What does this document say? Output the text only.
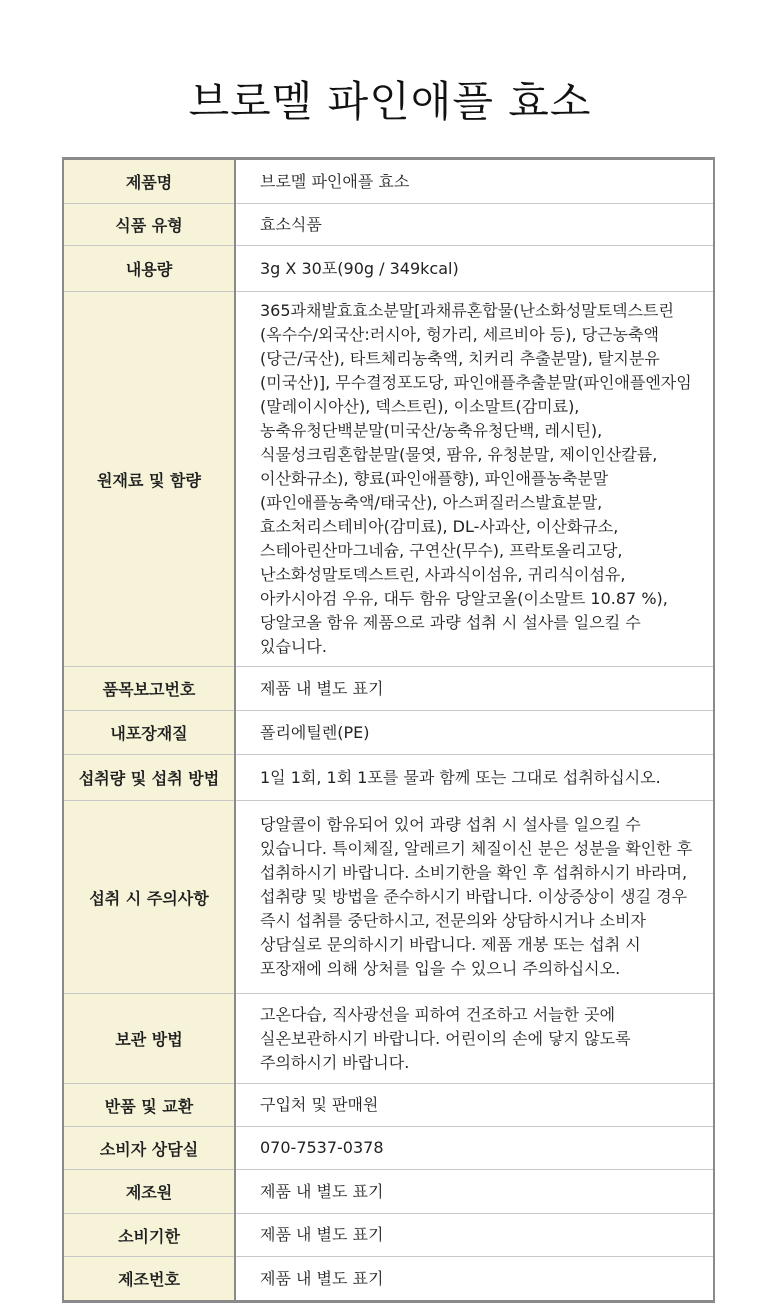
브로멜 파인애플 효소
제품명	브로멜 파인애플 효소
식품 유형	효소식품
내용량	3g X 30포(90g / 349kcal)
원재료 및 함량	365과채발효효소분말[과채류혼합물(난소화성말토덱스트린(옥수수/외국산:러시아, 헝가리, 세르비아 등), 당근농축액 (당근/국산), 타트체리농축액, 치커리 추출분말), 탈지분유(미국산)], 무수결정포도당, 파인애플추출분말(파인애플엔자임(말레이시아산), 덱스트린), 이소말트(감미료), 농축유청단백분말(미국산/농축유청단백, 레시틴), 식물성크림혼합분말(물엿, 팜유, 유청분말, 제이인산칼륨, 이산화규소), 향료(파인애플향), 파인애플농축분말(파인애플농축액/태국산), 아스퍼질러스발효분말, 효소처리스테비아(감미료), DL-사과산, 이산화규소, 스테아린산마그네슘, 구연산(무수), 프락토올리고당, 난소화성말토덱스트린, 사과식이섬유, 귀리식이섬유, 아카시아검 우유, 대두 함유 당알코올(이소말트 10.87 %), 당알코올 함유 제품으로 과량 섭취 시 설사를 일으킬 수 있습니다.
품목보고번호	제품 내 별도 표기
내포장재질	폴리에틸렌(PE)
섭취량 및 섭취 방법	1일 1회, 1회 1포를 물과 함께 또는 그대로 섭취하십시오.
섭취 시 주의사항	당알콜이 함유되어 있어 과량 섭취 시 설사를 일으킬 수 있습니다. 특이체질, 알레르기 체질이신 분은 성분을 확인한 후 섭취하시기 바랍니다. 소비기한을 확인 후 섭취하시기 바라며, 섭취량 및 방법을 준수하시기 바랍니다. 이상증상이 생길 경우 즉시 섭취를 중단하시고, 전문의와 상담하시거나 소비자 상담실로 문의하시기 바랍니다. 제품 개봉 또는 섭취 시 포장재에 의해 상처를 입을 수 있으니 주의하십시오.
보관 방법	고온다습, 직사광선을 피하여 건조하고 서늘한 곳에 실온보관하시기 바랍니다. 어린이의 손에 닿지 않도록 주의하시기 바랍니다.
반품 및 교환	구입처 및 판매원
소비자 상담실	070-7537-0378
제조원	제품 내 별도 표기
소비기한	제품 내 별도 표기
제조번호	제품 내 별도 표기
